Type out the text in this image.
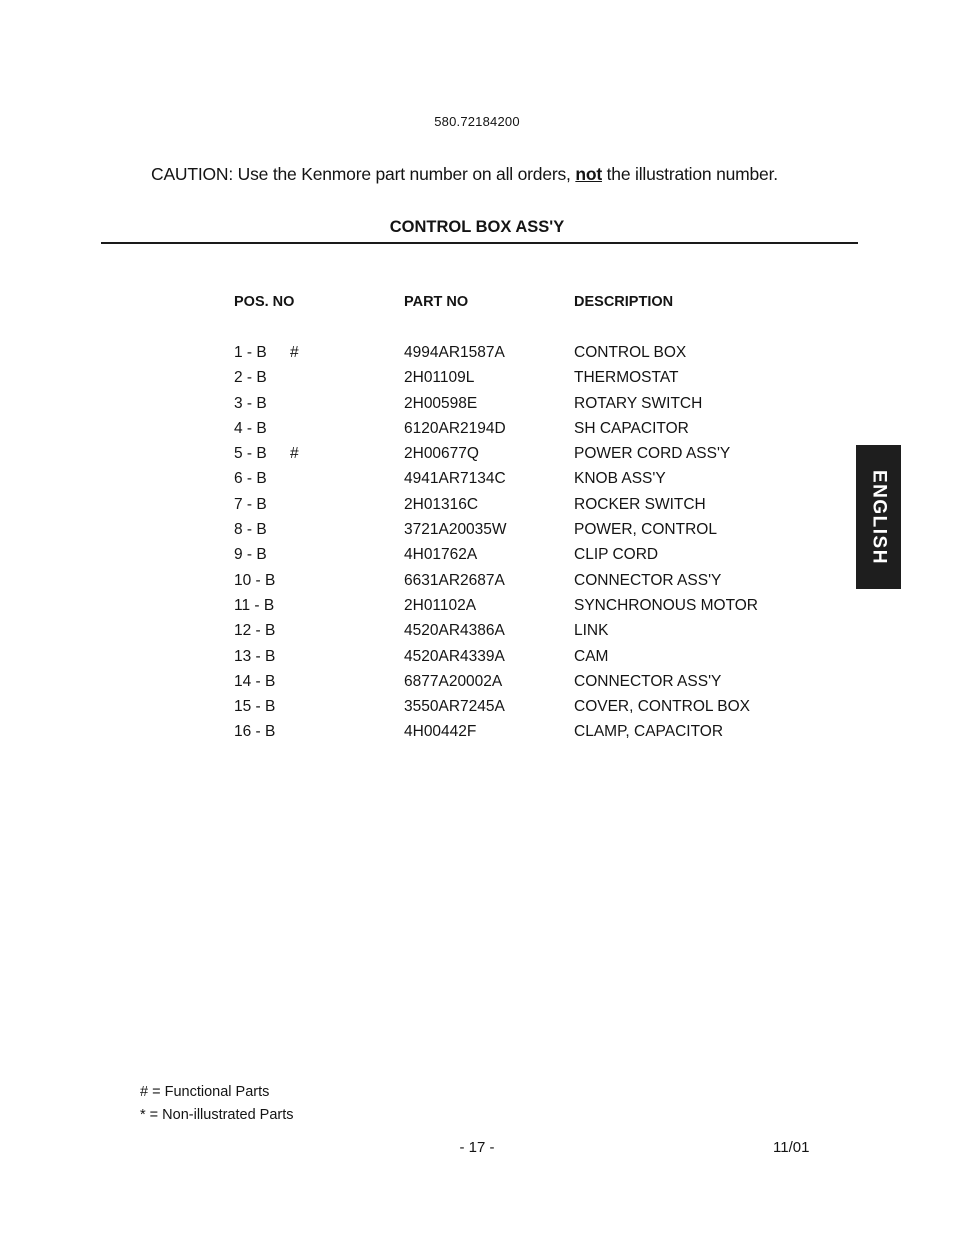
580.72184200
CAUTION: Use the Kenmore part number on all orders, not the illustration number.
CONTROL BOX ASS'Y
POS. NO	PART NO	DESCRIPTION
1 - B #	4994AR1587A	CONTROL BOX
2 - B	2H01109L	THERMOSTAT
3 - B	2H00598E	ROTARY SWITCH
4 - B	6120AR2194D	SH CAPACITOR
5 - B #	2H00677Q	POWER CORD ASS'Y
6 - B	4941AR7134C	KNOB ASS'Y
7 - B	2H01316C	ROCKER SWITCH
8 - B	3721A20035W	POWER, CONTROL
9 - B	4H01762A	CLIP CORD
10 - B	6631AR2687A	CONNECTOR ASS'Y
11 - B	2H01102A	SYNCHRONOUS MOTOR
12 - B	4520AR4386A	LINK
13 - B	4520AR4339A	CAM
14 - B	6877A20002A	CONNECTOR ASS'Y
15 - B	3550AR7245A	COVER, CONTROL BOX
16 - B	4H00442F	CLAMP, CAPACITOR
ENGLISH
# = Functional Parts
* = Non-illustrated Parts
- 17 -	11/01
